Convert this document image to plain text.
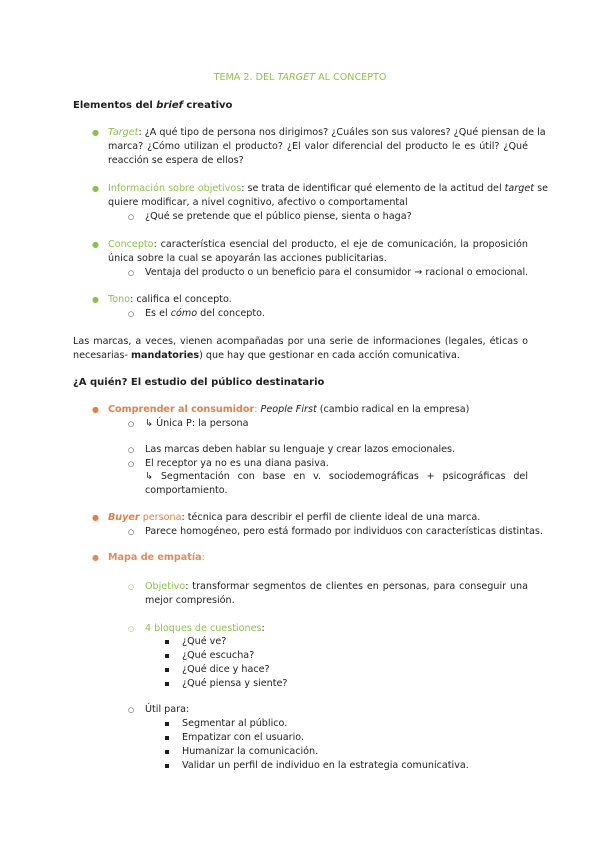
TEMA 2. DEL TARGET AL CONCEPTO
Elementos del brief creativo
● Target: ¿A qué tipo de persona nos dirigimos? ¿Cuáles son sus valores? ¿Qué piensan de la
marca? ¿Cómo utilizan el producto? ¿El valor diferencial del producto le es útil? ¿Qué
reacción se espera de ellos?
● Información sobre objetivos: se trata de identificar qué elemento de la actitud del target se
quiere modificar, a nivel cognitivo, afectivo o comportamental
○ ¿Qué se pretende que el público piense, sienta o haga?
● Concepto: característica esencial del producto, el eje de comunicación, la proposición
única sobre la cual se apoyarán las acciones publicitarias.
○ Ventaja del producto o un beneficio para el consumidor → racional o emocional.
● Tono: califica el concepto.
○ Es el cómo del concepto.
Las marcas, a veces, vienen acompañadas por una serie de informaciones (legales, éticas o
necesarias- mandatories) que hay que gestionar en cada acción comunicativa.
¿A quién? El estudio del público destinatario
● Comprender al consumidor: People First (cambio radical en la empresa)
○ ↳ Única P: la persona
○ Las marcas deben hablar su lenguaje y crear lazos emocionales.
○ El receptor ya no es una diana pasiva.
↳ Segmentación con base en v. sociodemográficas + psicográficas del
comportamiento.
● Buyer persona: técnica para describir el perfil de cliente ideal de una marca.
○ Parece homogéneo, pero está formado por individuos con características distintas.
● Mapa de empatía:
○ Objetivo: transformar segmentos de clientes en personas, para conseguir una
mejor compresión.
○ 4 bloques de cuestiones:
¿Qué ve?
¿Qué escucha?
¿Qué dice y hace?
¿Qué piensa y siente?
○ Útil para:
Segmentar al público.
Empatizar con el usuario.
Humanizar la comunicación.
Validar un perfil de individuo en la estrategia comunicativa.
